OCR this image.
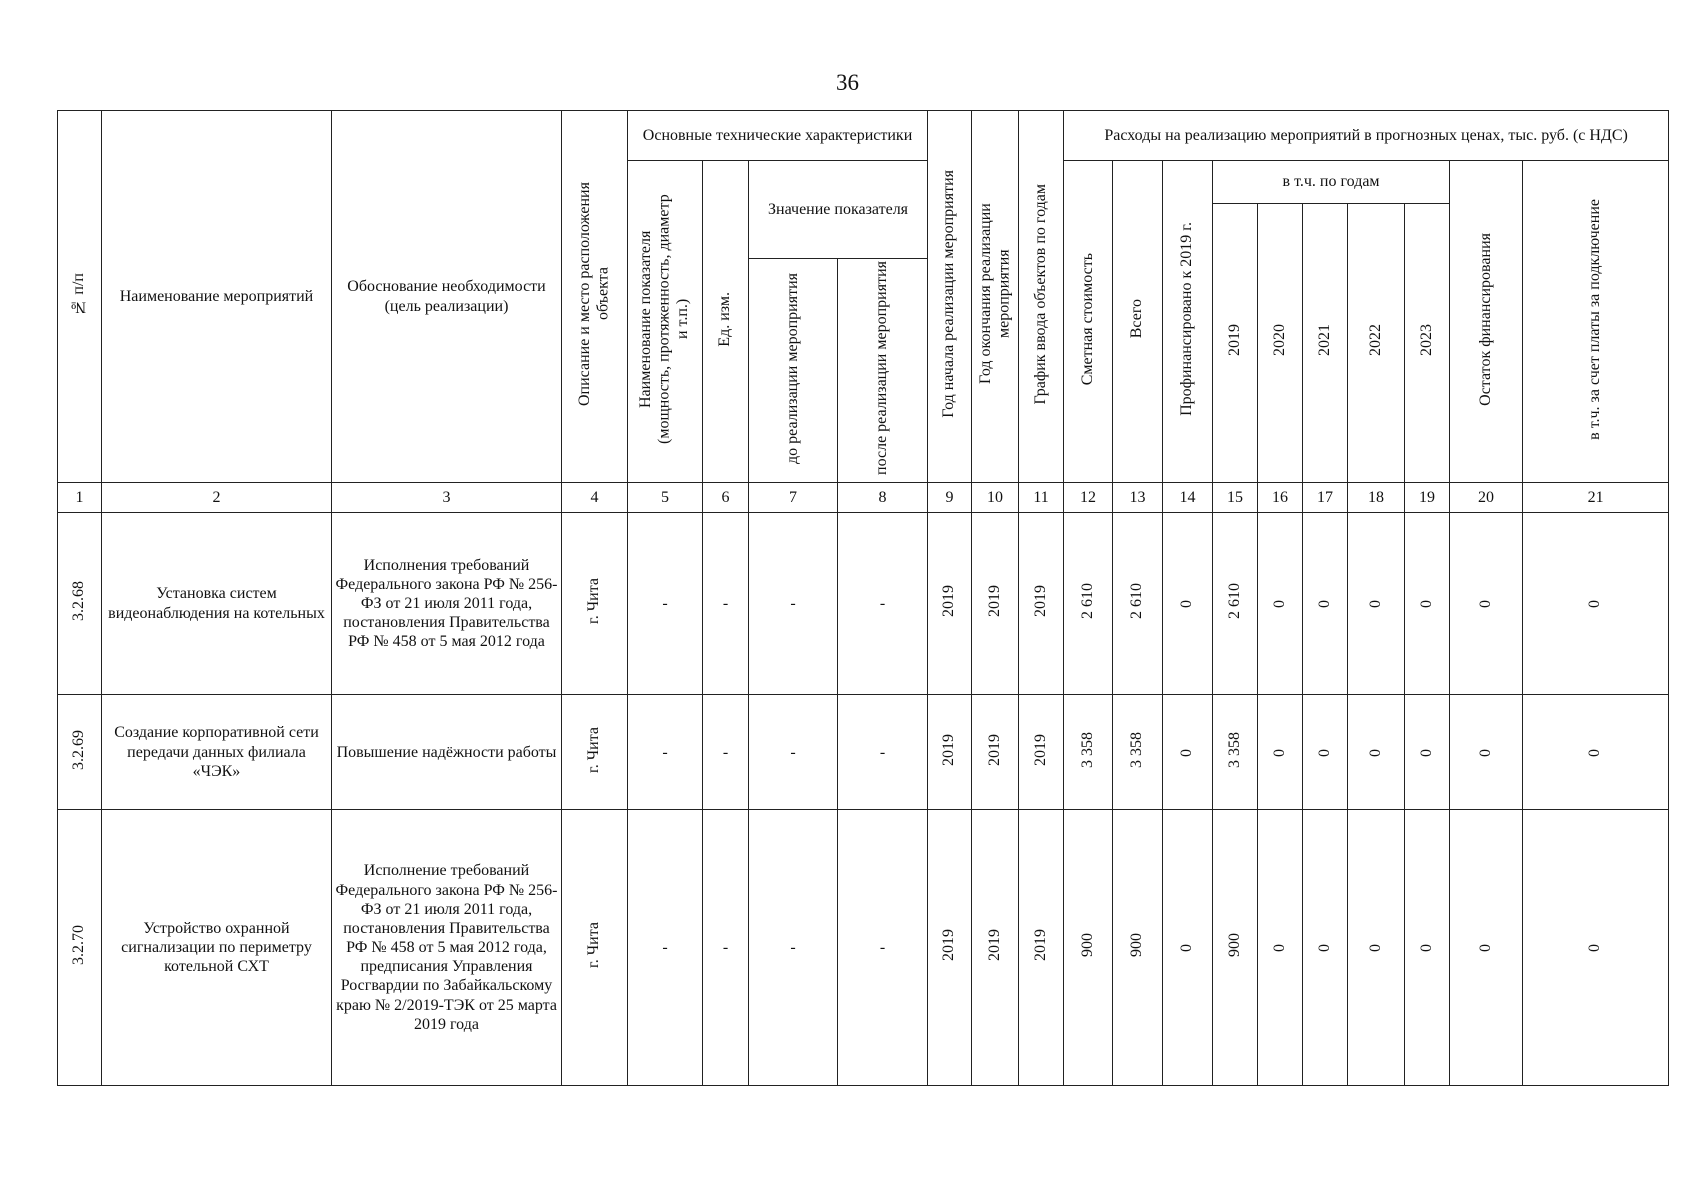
36
№ п/п	Наименование мероприятий	Обоснование необходимости (цель реализации)	Описание и место расположения объекта	Основные технические характеристики				Год начала реализации мероприятия	Год окончания реализации мероприятия	График ввода объектов по годам	Расходы на реализацию мероприятий в прогнозных ценах, тыс. руб. (с НДС)									
				Наименование показателя (мощность, протяженность, диаметр и т.п.)	Ед. изм.	Значение показателя					Сметная стоимость	Всего	Профинансировано к 2019 г.	в т.ч. по годам					Остаток финансирования	в т.ч. за счет платы за подключение
														2019	2020	2021	2022	2023		
						до реализации мероприятия	после реализации мероприятия													
1	2	3	4	5	6	7	8	9	10	11	12	13	14	15	16	17	18	19	20	21
3.2.68	Установка систем видеонаблюдения на котельных	Исполнения требований Федерального закона РФ № 256-ФЗ от 21 июля 2011 года, постановления Правительства РФ № 458 от 5 мая 2012 года	г. Чита	-	-	-	-	2019	2019	2019	2 610	2 610	0	2 610	0	0	0	0	0	0
3.2.69	Создание корпоративной сети передачи данных филиала «ЧЭК»	Повышение надёжности работы	г. Чита	-	-	-	-	2019	2019	2019	3 358	3 358	0	3 358	0	0	0	0	0	0
3.2.70	Устройство охранной сигнализации по периметру котельной СХТ	Исполнение требований Федерального закона РФ № 256-ФЗ от 21 июля 2011 года, постановления Правительства РФ № 458 от 5 мая 2012 года, предписания Управления Росгвардии по Забайкальскому краю № 2/2019-ТЭК от 25 марта 2019 года	г. Чита	-	-	-	-	2019	2019	2019	900	900	0	900	0	0	0	0	0	0
